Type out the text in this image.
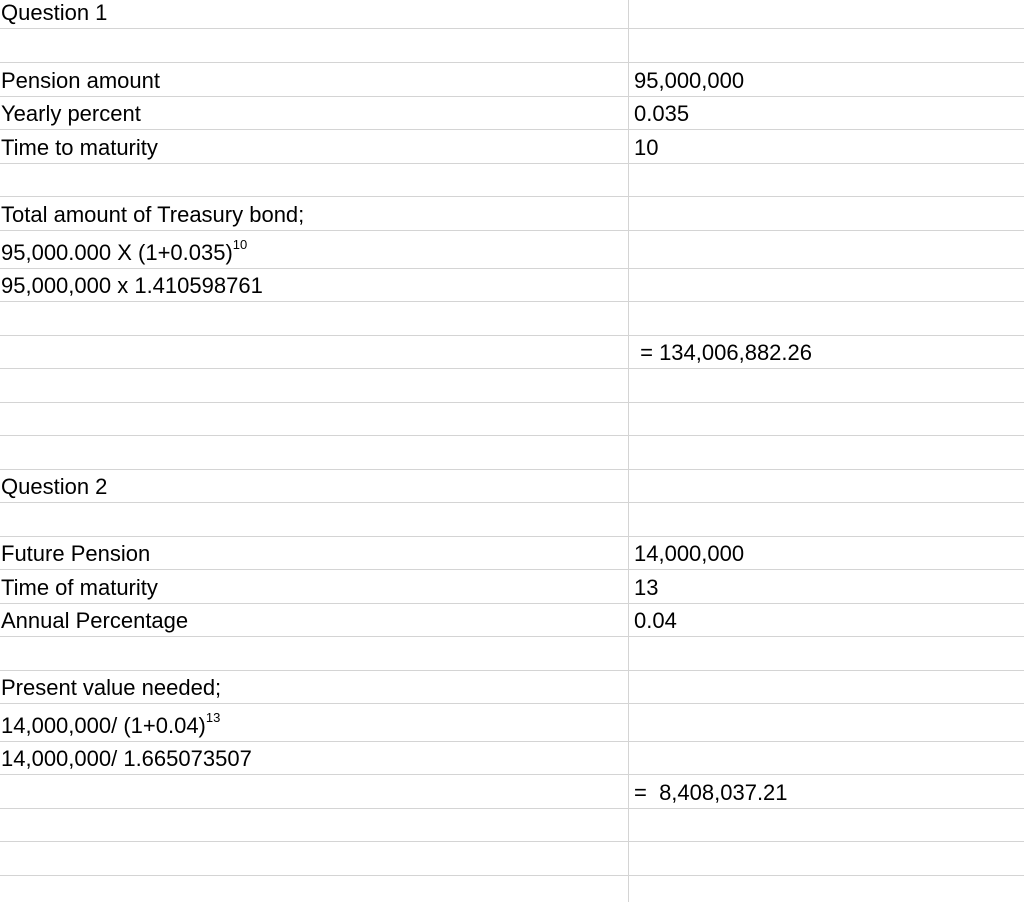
Question 1
Pension amount	95,000,000
Yearly percent	0.035
Time to maturity	10
Total amount of Treasury bond;
95,000.000 X $(1+0.035)^{10}$
95,000,000 x 1.410598761
= 134,006,882.26
Question 2
Future Pension	14,000,000
Time of maturity	13
Annual Percentage	0.04
Present value needed;
14,000,000/ $(1+0.04)^{13}$
14,000,000/ 1.665073507
=  8,408,037.21
